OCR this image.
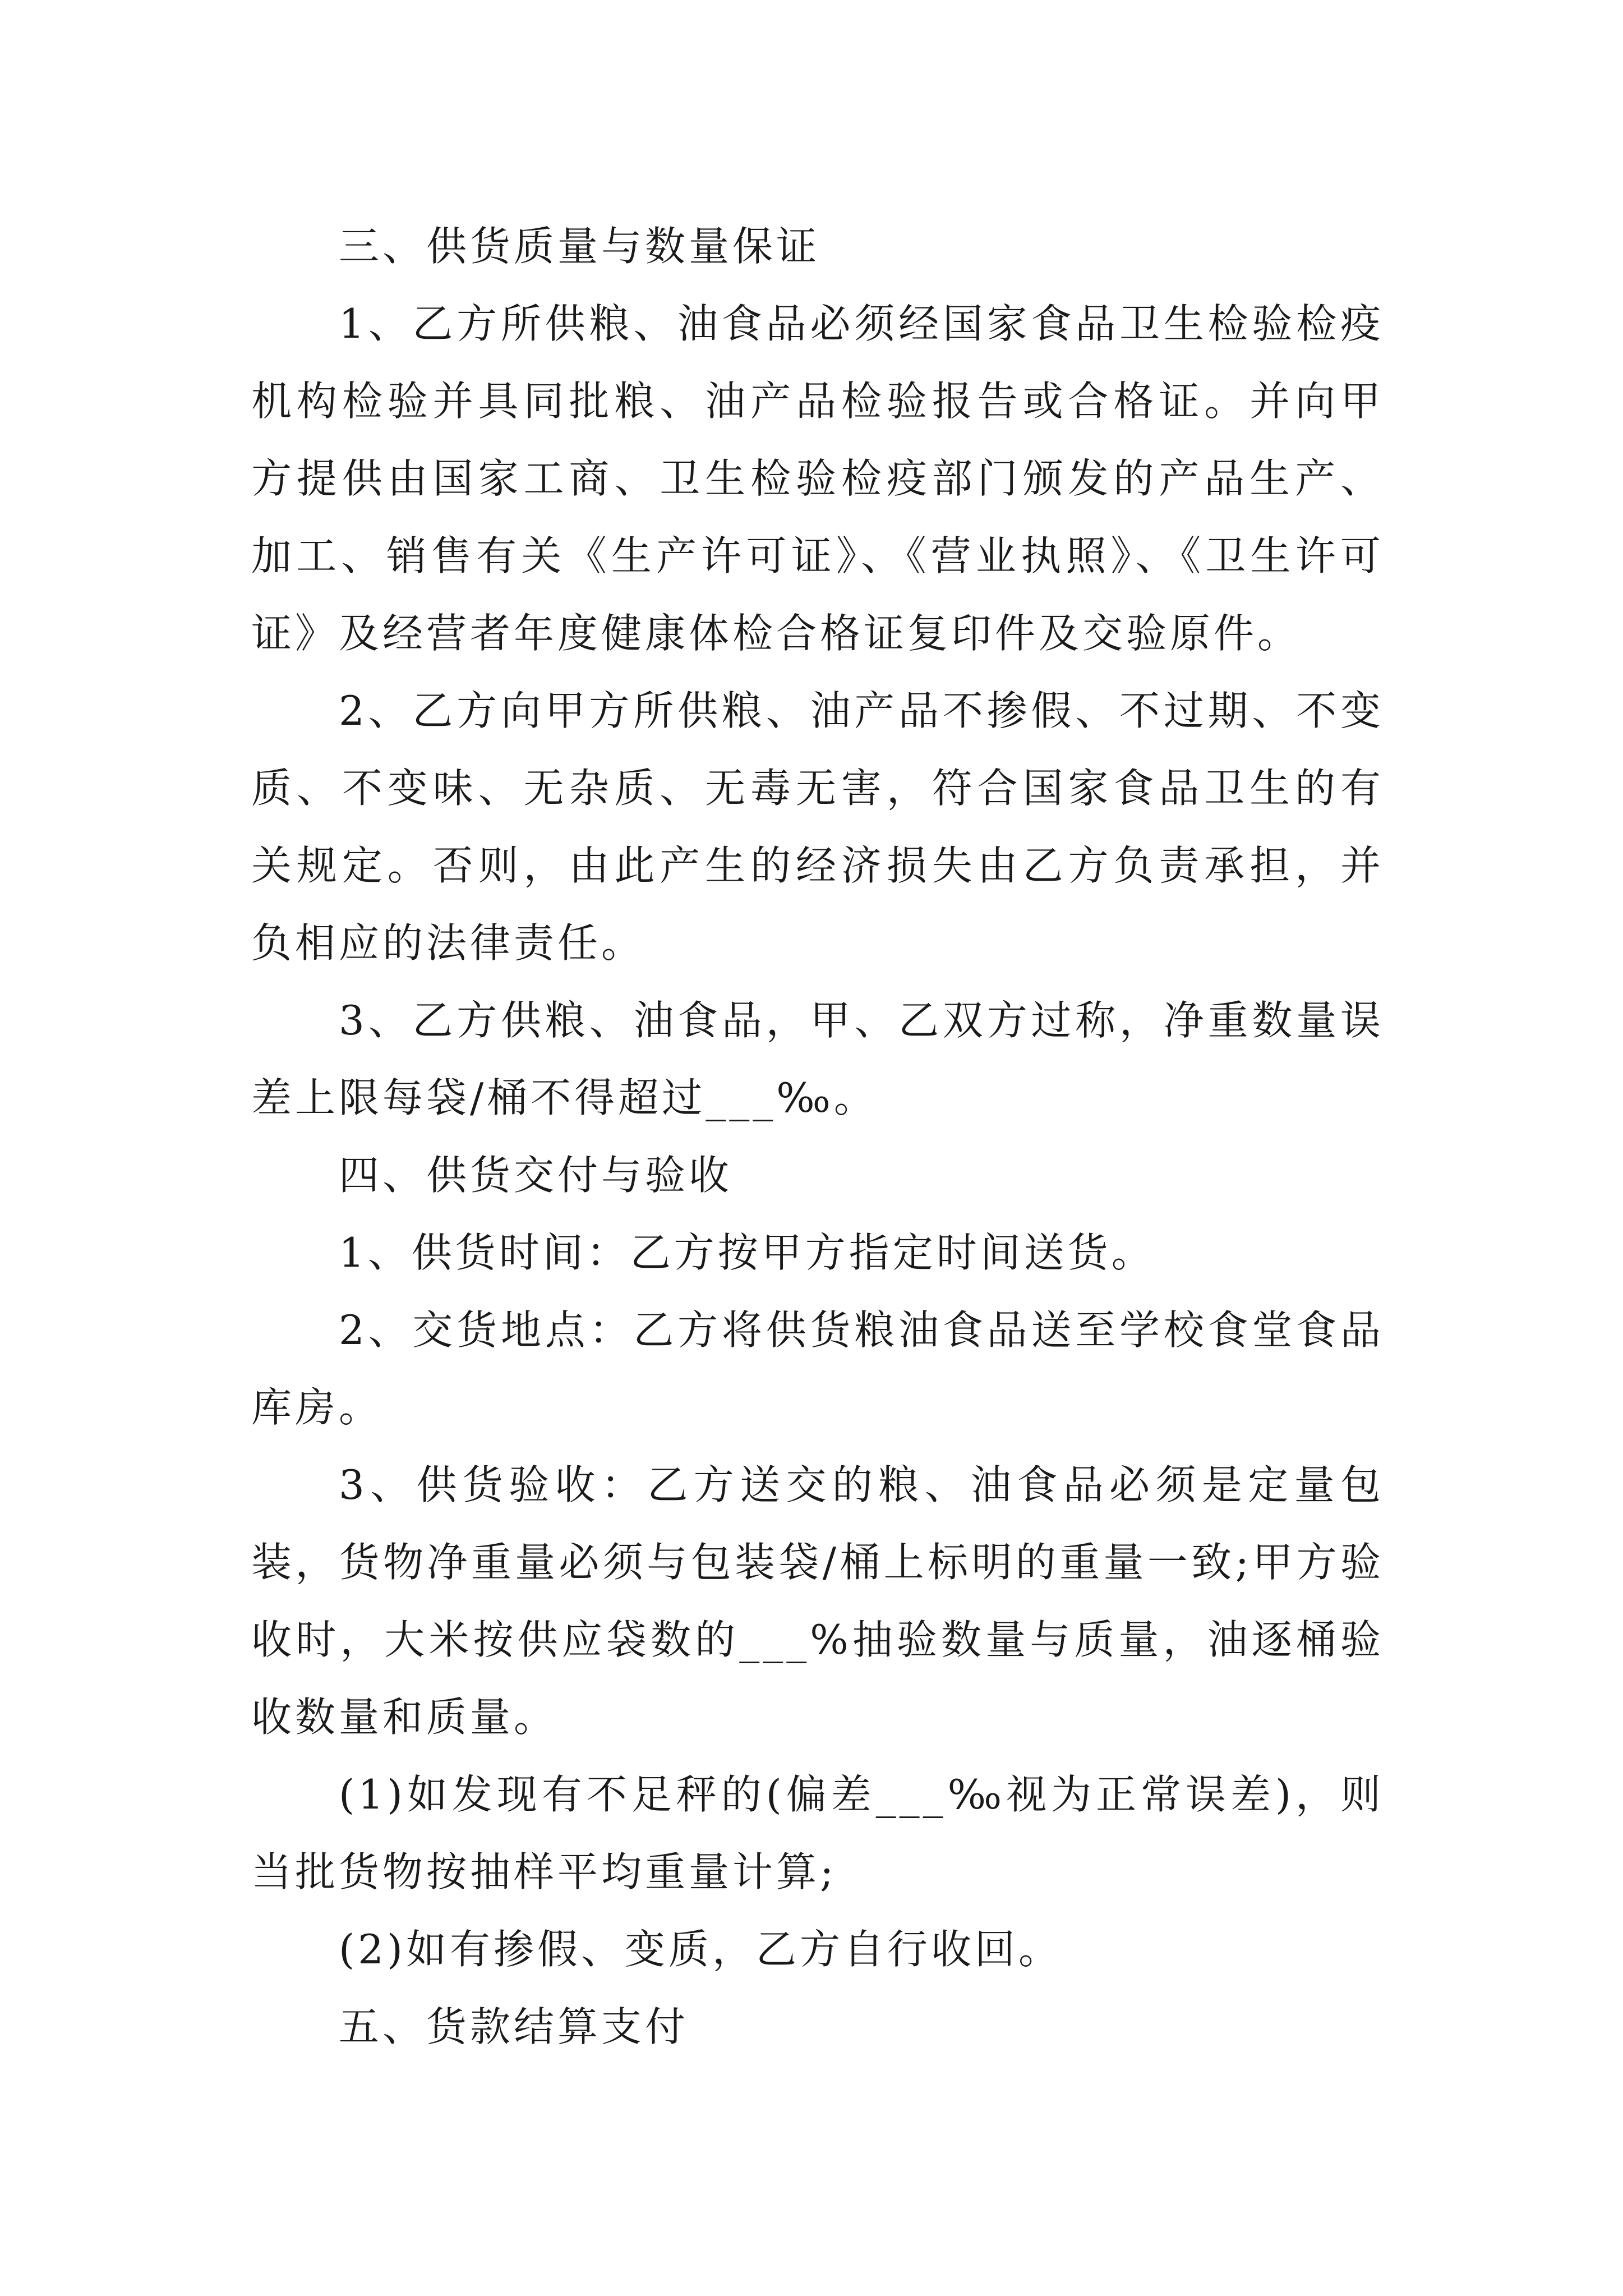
三、供货质量与数量保证

1、乙方所供粮、油食品必须经国家食品卫生检验检疫机构检验并具同批粮、油产品检验报告或合格证。并向甲方提供由国家工商、卫生检验检疫部门颁发的产品生产、加工、销售有关《生产许可证》、《营业执照》、《卫生许可证》及经营者年度健康体检合格证复印件及交验原件。

2、乙方向甲方所供粮、油产品不掺假、不过期、不变质、不变味、无杂质、无毒无害，符合国家食品卫生的有关规定。否则，由此产生的经济损失由乙方负责承担，并负相应的法律责任。

3、乙方供粮、油食品，甲、乙双方过称，净重数量误差上限每袋/桶不得超过___‰。

四、供货交付与验收

1、供货时间：乙方按甲方指定时间送货。

2、交货地点：乙方将供货粮油食品送至学校食堂食品库房。

3、供货验收：乙方送交的粮、油食品必须是定量包装，货物净重量必须与包装袋/桶上标明的重量一致;甲方验收时，大米按供应袋数的___%抽验数量与质量，油逐桶验收数量和质量。

(1)如发现有不足秤的(偏差___‰视为正常误差)，则当批货物按抽样平均重量计算;

(2)如有掺假、变质，乙方自行收回。

五、货款结算支付
